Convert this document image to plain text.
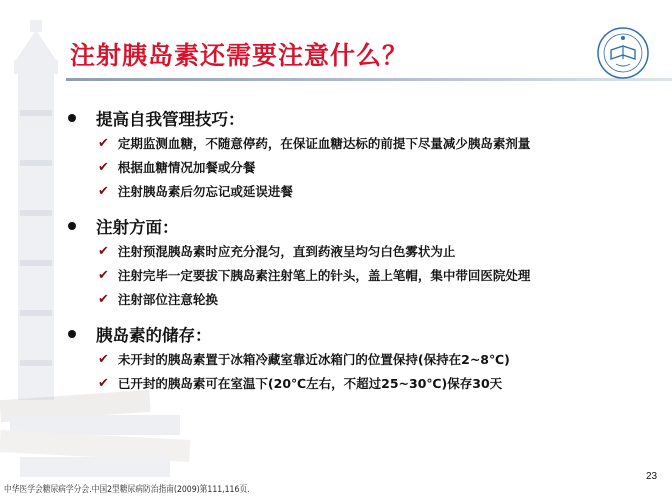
注射胰岛素还需要注意什么？
提高自我管理技巧：
✔ 定期监测血糖，不随意停药，在保证血糖达标的前提下尽量减少胰岛素剂量
✔ 根据血糖情况加餐或分餐
✔ 注射胰岛素后勿忘记或延误进餐
注射方面：
✔ 注射预混胰岛素时应充分混匀，直到药液呈均匀白色雾状为止
✔ 注射完毕一定要拔下胰岛素注射笔上的针头，盖上笔帽，集中带回医院处理
✔ 注射部位注意轮换
胰岛素的储存：
✔ 未开封的胰岛素置于冰箱冷藏室靠近冰箱门的位置保持(保持在2~8℃)
✔ 已开封的胰岛素可在室温下(20℃左右，不超过25~30℃)保存30天
中华医学会糖尿病学分会.中国2型糖尿病防治指南(2009)第111,116页.
23
